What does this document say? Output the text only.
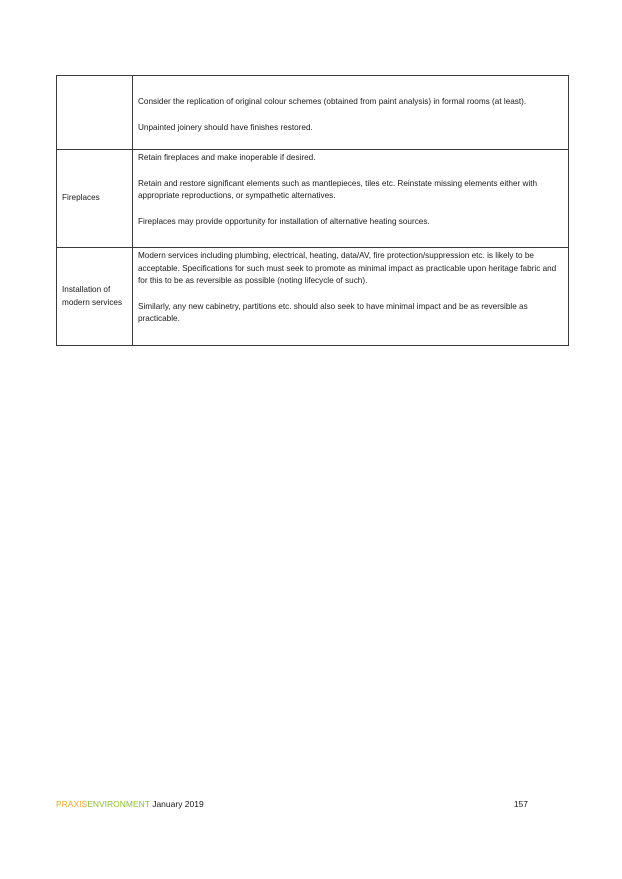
	Consider the replication of original colour schemes (obtained from paint analysis) in formal rooms (at least).

Unpainted joinery should have finishes restored.

Fireplaces	Retain fireplaces and make inoperable if desired.

Retain and restore significant elements such as mantlepieces, tiles etc. Reinstate missing elements either with appropriate reproductions, or sympathetic alternatives.

Fireplaces may provide opportunity for installation of alternative heating sources.

Installation of modern services	Modern services including plumbing, electrical, heating, data/AV, fire protection/suppression etc. is likely to be acceptable. Specifications for such must seek to promote as minimal impact as practicable upon heritage fabric and for this to be as reversible as possible (noting lifecycle of such).

Similarly, any new cabinetry, partitions etc. should also seek to have minimal impact and be as reversible as practicable.

PRAXISENVIRONMENT January 2019	157
